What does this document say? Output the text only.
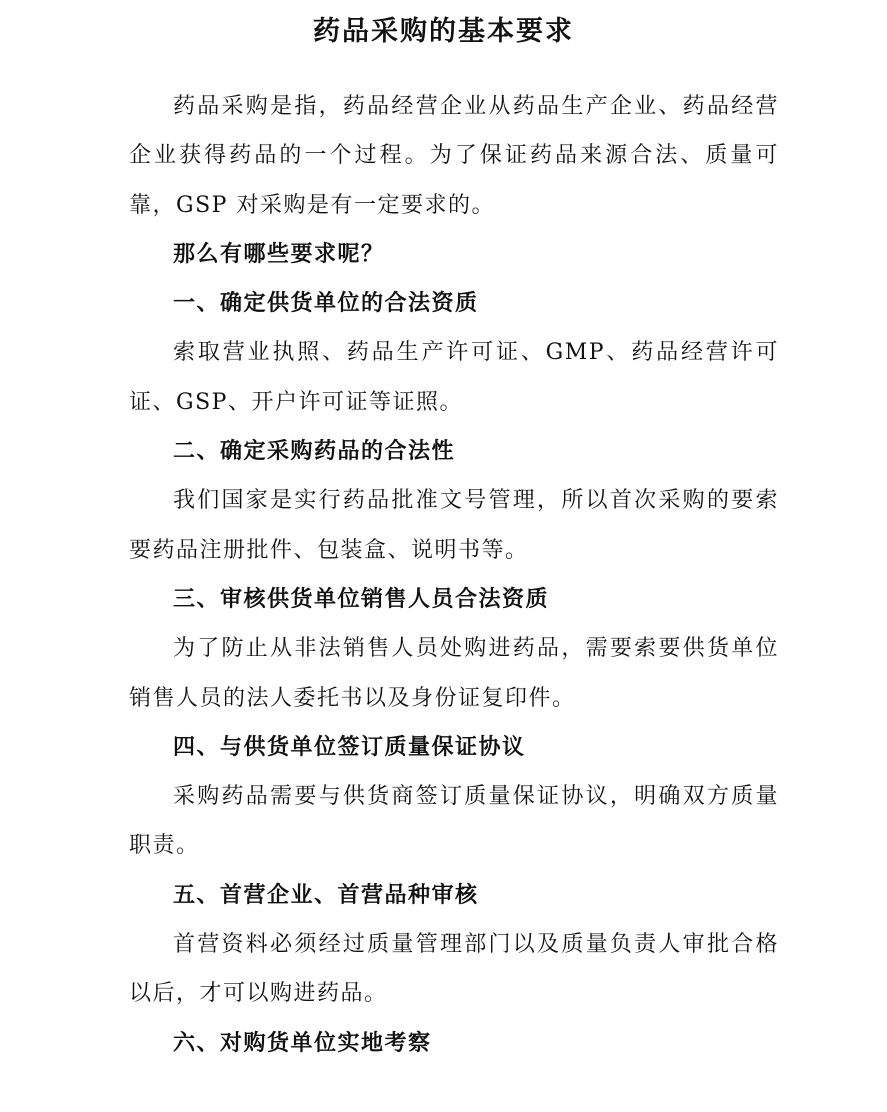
药品采购的基本要求

药品采购是指，药品经营企业从药品生产企业、药品经营企业获得药品的一个过程。为了保证药品来源合法、质量可靠，GSP 对采购是有一定要求的。

那么有哪些要求呢？

一、确定供货单位的合法资质

索取营业执照、药品生产许可证、GMP、药品经营许可证、GSP、开户许可证等证照。

二、确定采购药品的合法性

我们国家是实行药品批准文号管理，所以首次采购的要索要药品注册批件、包装盒、说明书等。

三、审核供货单位销售人员合法资质

为了防止从非法销售人员处购进药品，需要索要供货单位销售人员的法人委托书以及身份证复印件。

四、与供货单位签订质量保证协议

采购药品需要与供货商签订质量保证协议，明确双方质量职责。

五、首营企业、首营品种审核

首营资料必须经过质量管理部门以及质量负责人审批合格以后，才可以购进药品。

六、对购货单位实地考察
